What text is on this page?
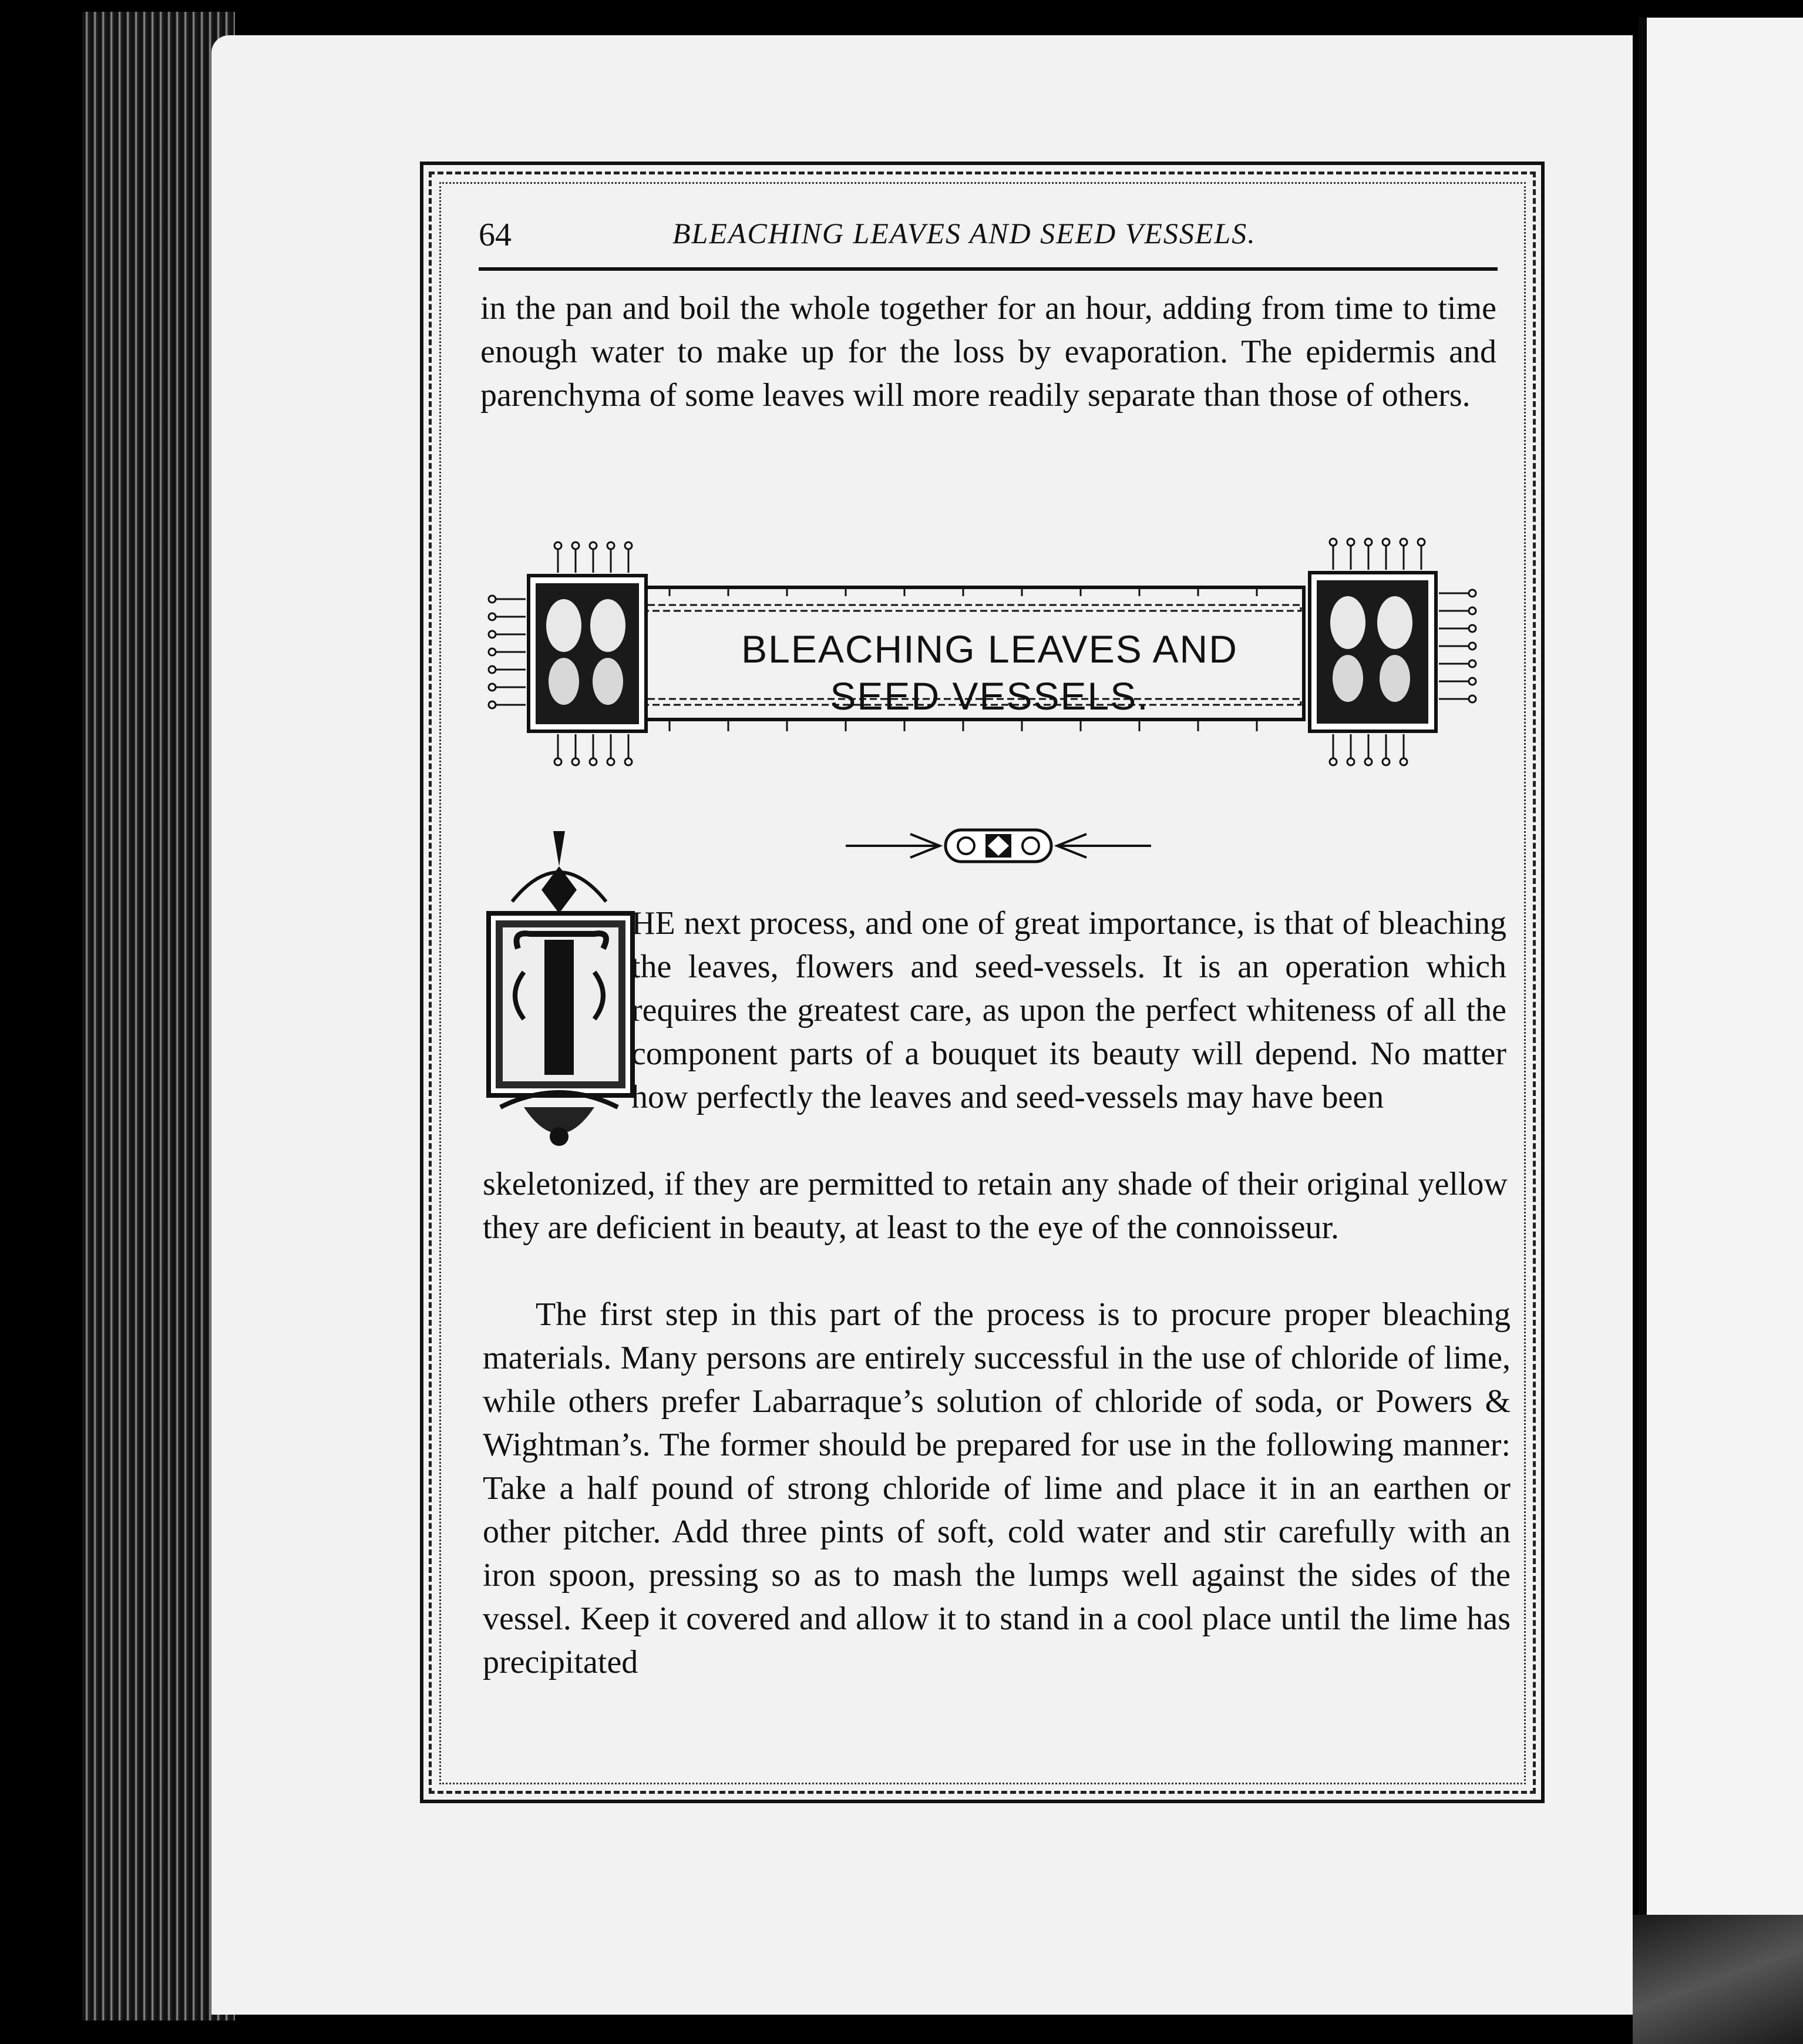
64	BLEACHING LEAVES AND SEED VESSELS.

in the pan and boil the whole together for an hour, adding from time to time enough water to make up for the loss by evaporation. The epidermis and parenchyma of some leaves will more readily separate than those of others.

BLEACHING LEAVES AND
SEED VESSELS.
HE next process, and one of great importance, is that of bleaching the leaves, flowers and seed-vessels. It is an operation which requires the greatest care, as upon the perfect whiteness of all the component parts of a bouquet its beauty will depend. No matter how perfectly the leaves and seed-vessels may have been
skeletonized, if they are permitted to retain any shade of their original yellow they are deficient in beauty, at least to the eye of the connoisseur.
The first step in this part of the process is to procure proper bleaching materials. Many persons are entirely successful in the use of chloride of lime, while others prefer Labarraque’s solution of chloride of soda, or Powers & Wightman’s. The former should be prepared for use in the following manner: Take a half pound of strong chloride of lime and place it in an earthen or other pitcher. Add three pints of soft, cold water and stir carefully with an iron spoon, pressing so as to mash the lumps well against the sides of the vessel. Keep it covered and allow it to stand in a cool place until the lime has precipitated
